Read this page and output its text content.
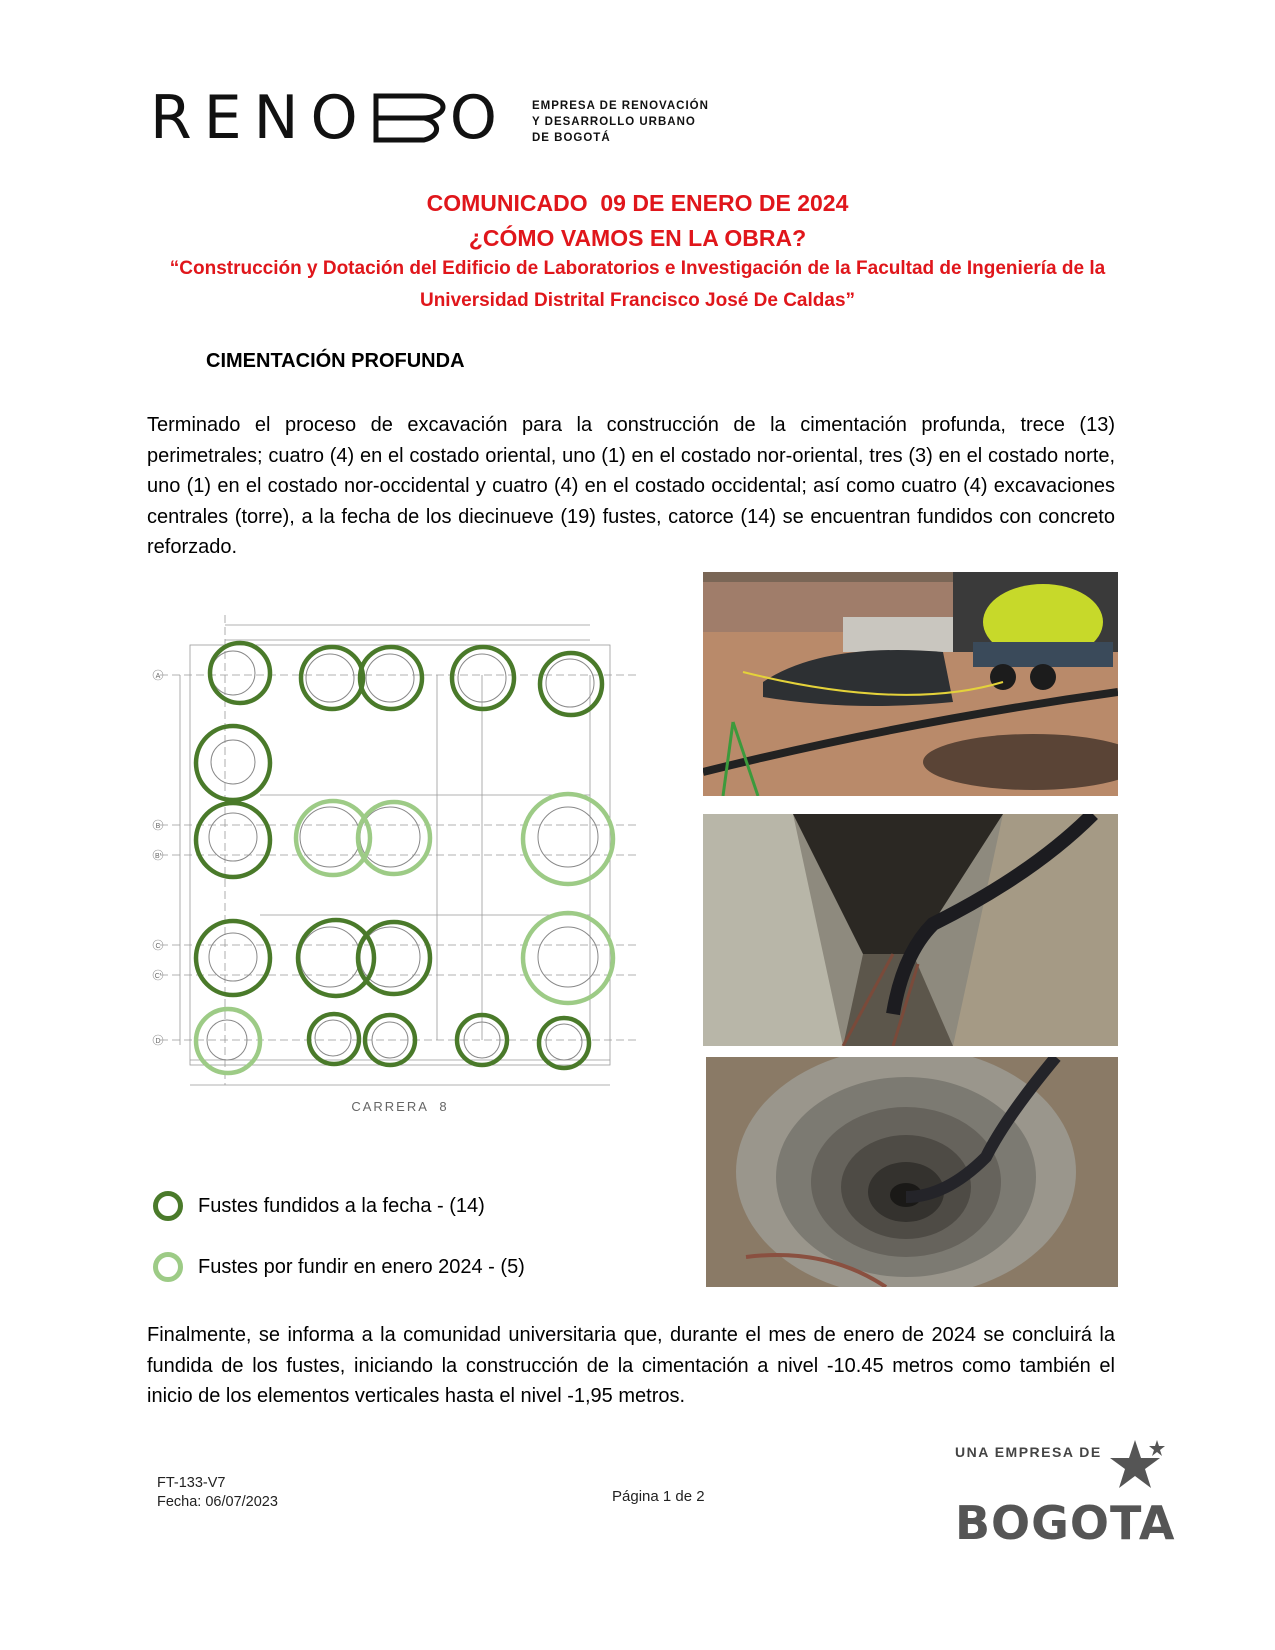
RENO O EMPRESA DE RENOVACIÓN
Y DESARROLLO URBANO
DE BOGOTÁ
COMUNICADO  09 DE ENERO DE 2024
¿CÓMO VAMOS EN LA OBRA?
“Construcción y Dotación del Edificio de Laboratorios e Investigación de la Facultad de Ingeniería de la
Universidad Distrital Francisco José De Caldas”
CIMENTACIÓN PROFUNDA
Terminado el proceso de excavación para la construcción de la cimentación profunda, trece (13) perimetrales; cuatro (4) en el costado oriental, uno (1) en el costado nor-oriental, tres (3) en el costado norte, uno (1) en el costado nor-occidental y cuatro (4) en el costado occidental; así como cuatro (4) excavaciones centrales (torre), a la fecha de los diecinueve (19) fustes, catorce (14) se encuentran fundidos con concreto reforzado.
A
B
B'
C
C'
D
CARRERA  8
Fustes fundidos a la fecha - (14)
Fustes por fundir en enero 2024 - (5)
Finalmente, se informa a la comunidad universitaria que, durante el mes de enero de 2024 se concluirá la fundida de los fustes, iniciando la construcción de la cimentación a nivel -10.45 metros como también el inicio de los elementos verticales hasta el nivel -1,95 metros.
FT-133-V7
Fecha: 06/07/2023	Página 1 de 2
UNA EMPRESA DE
BOGOTA
